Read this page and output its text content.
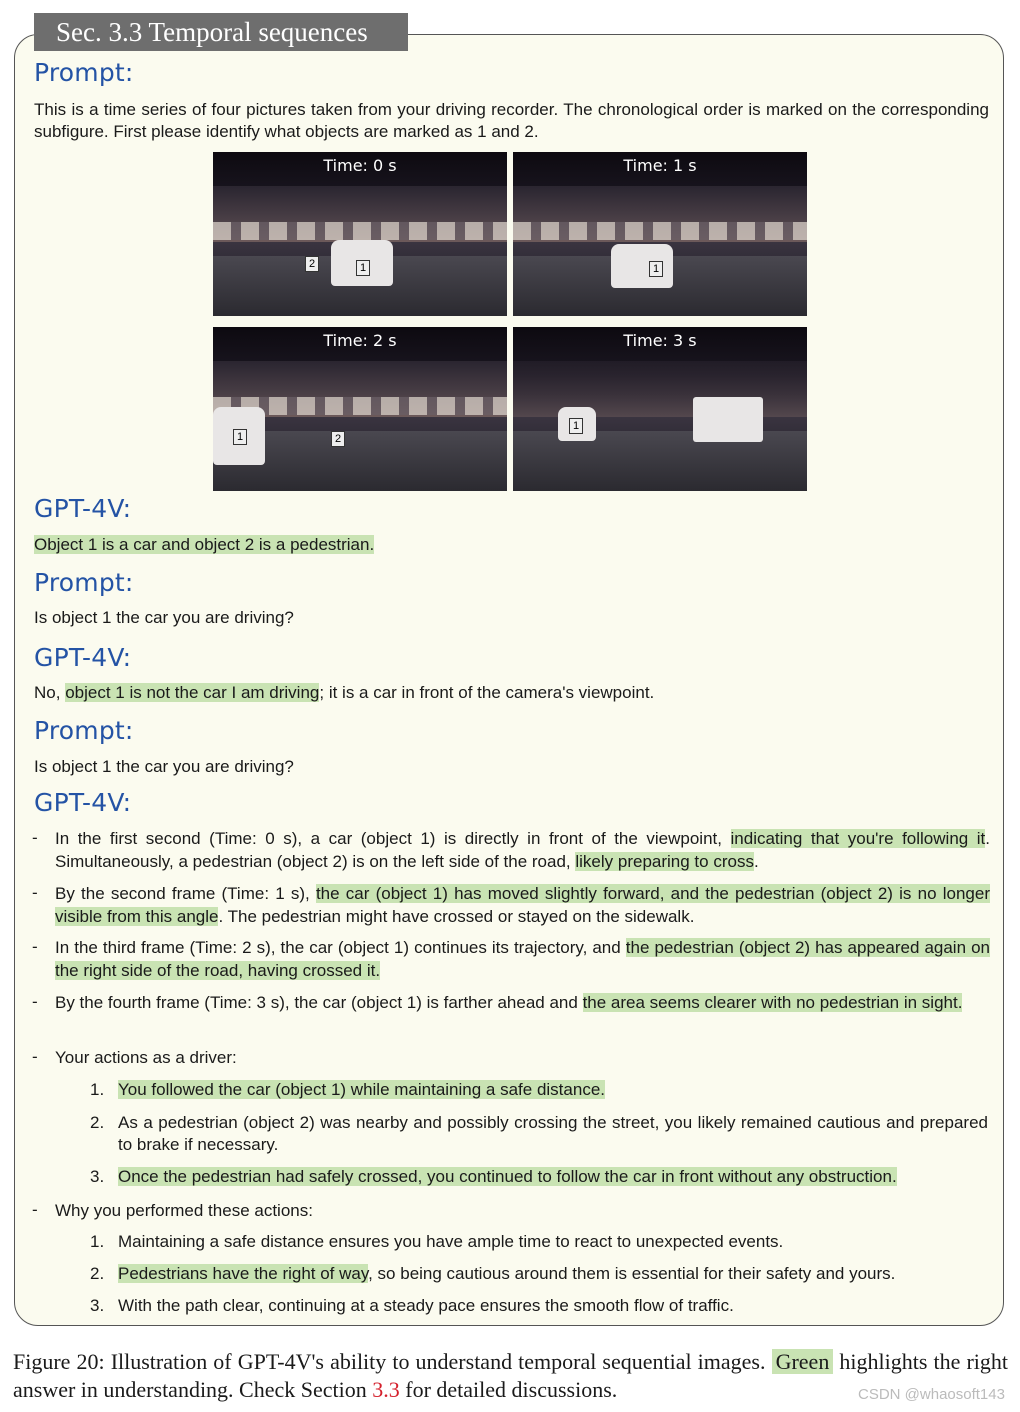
Sec. 3.3 Temporal sequences
Prompt:
This is a time series of four pictures taken from your driving recorder. The chronological order is marked on the corresponding subfigure. First please identify what objects are marked as 1 and 2.
Time: 0 s
1
2
Time: 1 s
1
Time: 2 s
1	2
Time: 3 s
1
GPT-4V:
Object 1 is a car and object 2 is a pedestrian.
Prompt:
Is object 1 the car you are driving?
GPT-4V:
No, object 1 is not the car I am driving; it is a car in front of the camera's viewpoint.
Prompt:
Is object 1 the car you are driving?
GPT-4V:
- In the first second (Time: 0 s), a car (object 1) is directly in front of the viewpoint, indicating that you're following it. Simultaneously, a pedestrian (object 2) is on the left side of the road, likely preparing to cross.
- By the second frame (Time: 1 s), the car (object 1) has moved slightly forward, and the pedestrian (object 2) is no longer visible from this angle. The pedestrian might have crossed or stayed on the sidewalk.
- In the third frame (Time: 2 s), the car (object 1) continues its trajectory, and the pedestrian (object 2) has appeared again on the right side of the road, having crossed it.
- By the fourth frame (Time: 3 s), the car (object 1) is farther ahead and the area seems clearer with no pedestrian in sight.
- Your actions as a driver:
1. You followed the car (object 1) while maintaining a safe distance.
2. As a pedestrian (object 2) was nearby and possibly crossing the street, you likely remained cautious and prepared to brake if necessary.
3. Once the pedestrian had safely crossed, you continued to follow the car in front without any obstruction.
- Why you performed these actions:
1. Maintaining a safe distance ensures you have ample time to react to unexpected events.
2. Pedestrians have the right of way, so being cautious around them is essential for their safety and yours.
3. With the path clear, continuing at a steady pace ensures the smooth flow of traffic.
Figure 20: Illustration of GPT-4V's ability to understand temporal sequential images. Green highlights the right answer in understanding. Check Section 3.3 for detailed discussions.	CSDN @whaosoft143
